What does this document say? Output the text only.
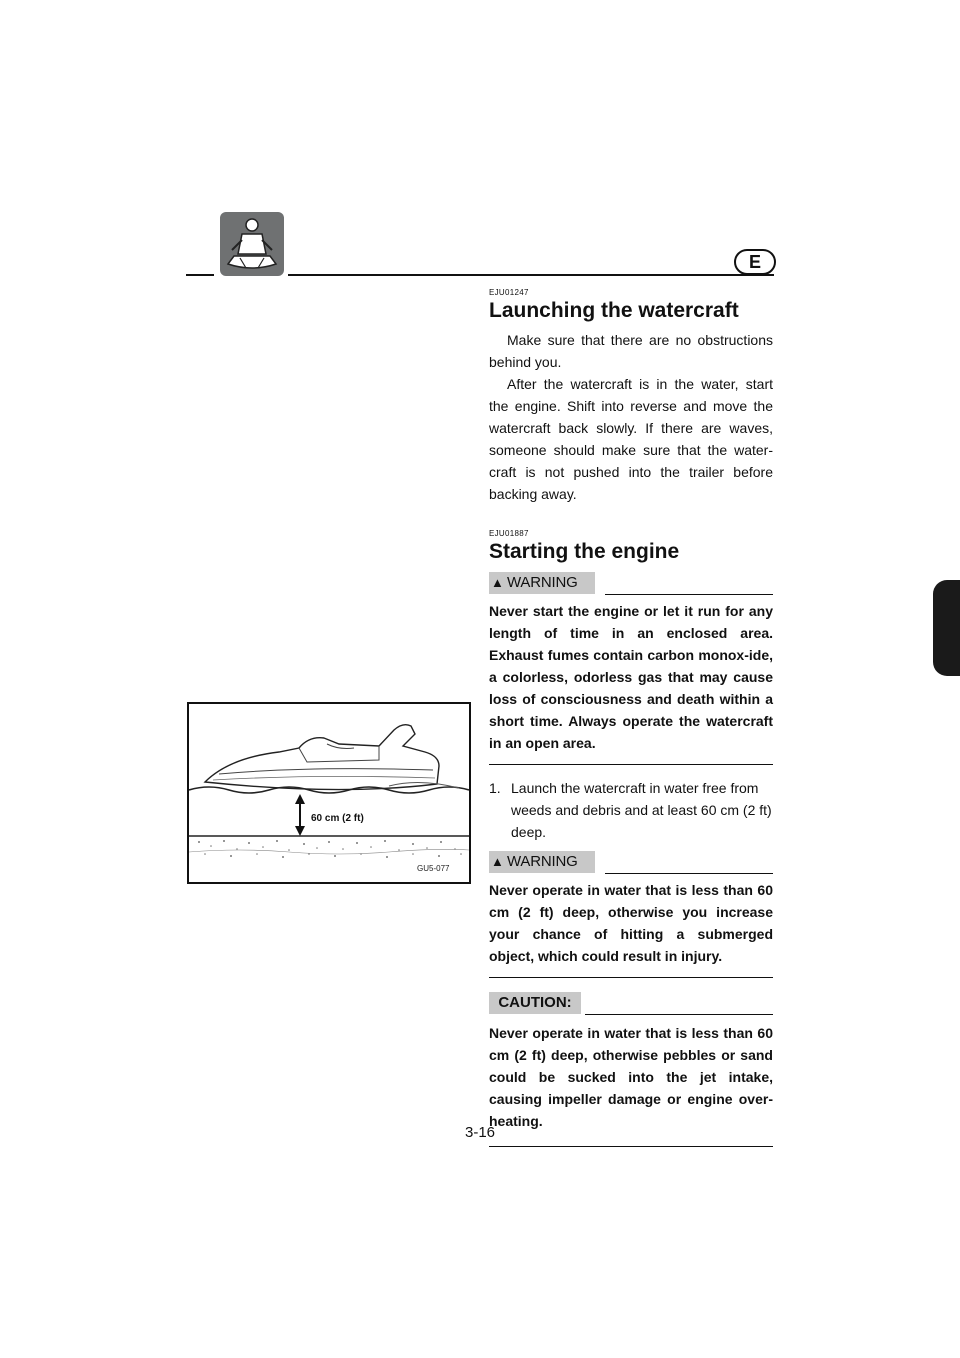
E

EJU01247

Launching the watercraft

Make sure that there are no obstructions behind you.

After the watercraft is in the water, start the engine. Shift into reverse and move the watercraft back slowly. If there are waves, someone should make sure that the water-craft is not pushed into the trailer before backing away.

EJU01887

Starting the engine
▲ WARNING

Never start the engine or let it run for any length of time in an enclosed area. Exhaust fumes contain carbon monox-ide, a colorless, odorless gas that may cause loss of consciousness and death within a short time. Always operate the watercraft in an open area.

1. Launch the watercraft in water free from weeds and debris and at least 60 cm (2 ft) deep.
▲ WARNING

Never operate in water that is less than 60 cm (2 ft) deep, otherwise you increase your chance of hitting a submerged object, which could result in injury.

CAUTION:

Never operate in water that is less than 60 cm (2 ft) deep, otherwise pebbles or sand could be sucked into the jet intake, causing impeller damage or engine over-heating.

60 cm (2 ft)
GU5-077
3-16
